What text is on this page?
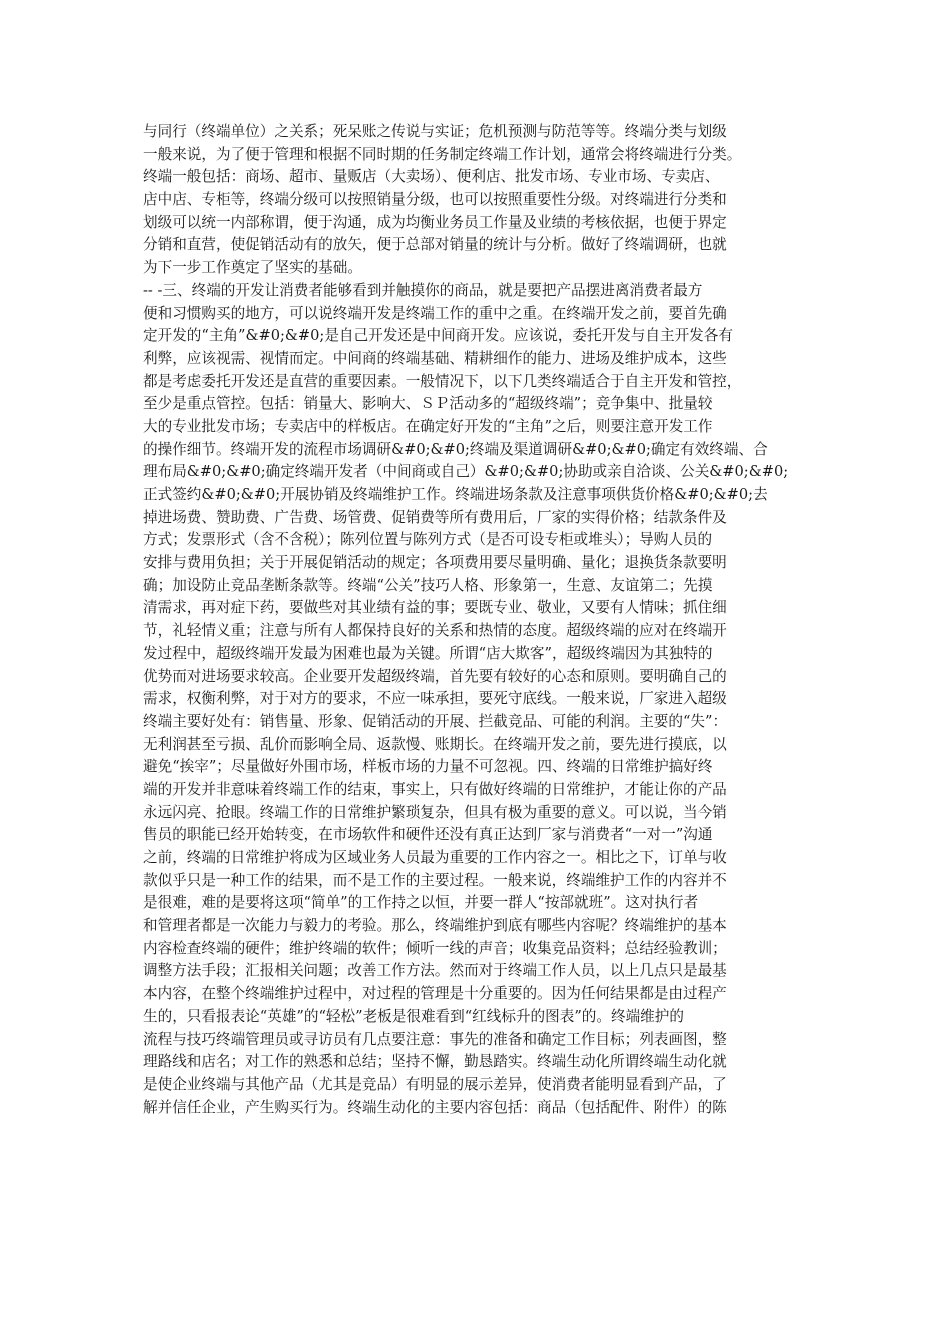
与同行（终端单位）之关系；死呆账之传说与实证；危机预测与防范等等。终端分类与划级
一般来说，为了便于管理和根据不同时期的任务制定终端工作计划，通常会将终端进行分类。
终端一般包括：商场、超市、量贩店（大卖场）、便利店、批发市场、专业市场、专卖店、
店中店、专柜等，终端分级可以按照销量分级，也可以按照重要性分级。对终端进行分类和
划级可以统一内部称谓，便于沟通，成为均衡业务员工作量及业绩的考核依据，也便于界定
分销和直营，使促销活动有的放矢，便于总部对销量的统计与分析。做好了终端调研，也就
为下一步工作奠定了坚实的基础。
-- -三、终端的开发让消费者能够看到并触摸你的商品，就是要把产品摆进离消费者最方
便和习惯购买的地方，可以说终端开发是终端工作的重中之重。在终端开发之前，要首先确
定开发的“主角”&#0;&#0;是自己开发还是中间商开发。应该说，委托开发与自主开发各有
利弊，应该视需、视情而定。中间商的终端基础、精耕细作的能力、进场及维护成本，这些
都是考虑委托开发还是直营的重要因素。一般情况下，以下几类终端适合于自主开发和管控，
至少是重点管控。包括：销量大、影响大、ＳＰ活动多的“超级终端”；竞争集中、批量较
大的专业批发市场；专卖店中的样板店。在确定好开发的“主角”之后，则要注意开发工作
的操作细节。终端开发的流程市场调研&#0;&#0;终端及渠道调研&#0;&#0;确定有效终端、合
理布局&#0;&#0;确定终端开发者（中间商或自己）&#0;&#0;协助或亲自洽谈、公关&#0;&#0;
正式签约&#0;&#0;开展协销及终端维护工作。终端进场条款及注意事项供货价格&#0;&#0;去
掉进场费、赞助费、广告费、场管费、促销费等所有费用后，厂家的实得价格；结款条件及
方式；发票形式（含不含税）；陈列位置与陈列方式（是否可设专柜或堆头）；导购人员的
安排与费用负担；关于开展促销活动的规定；各项费用要尽量明确、量化；退换货条款要明
确；加设防止竞品垄断条款等。终端“公关”技巧人格、形象第一，生意、友谊第二；先摸
清需求，再对症下药，要做些对其业绩有益的事；要既专业、敬业，又要有人情味；抓住细
节，礼轻情义重；注意与所有人都保持良好的关系和热情的态度。超级终端的应对在终端开
发过程中，超级终端开发最为困难也最为关键。所谓“店大欺客”，超级终端因为其独特的
优势而对进场要求较高。企业要开发超级终端，首先要有较好的心态和原则。要明确自己的
需求，权衡利弊，对于对方的要求，不应一味承担，要死守底线。一般来说，厂家进入超级
终端主要好处有：销售量、形象、促销活动的开展、拦截竞品、可能的利润。主要的“失”：
无利润甚至亏损、乱价而影响全局、返款慢、账期长。在终端开发之前，要先进行摸底，以
避免“挨宰”；尽量做好外围市场，样板市场的力量不可忽视。四、终端的日常维护搞好终
端的开发并非意味着终端工作的结束，事实上，只有做好终端的日常维护，才能让你的产品
永远闪亮、抢眼。终端工作的日常维护繁琐复杂，但具有极为重要的意义。可以说，当今销
售员的职能已经开始转变，在市场软件和硬件还没有真正达到厂家与消费者“一对一”沟通
之前，终端的日常维护将成为区域业务人员最为重要的工作内容之一。相比之下，订单与收
款似乎只是一种工作的结果，而不是工作的主要过程。一般来说，终端维护工作的内容并不
是很难，难的是要将这项“简单”的工作持之以恒，并要一群人“按部就班”。这对执行者
和管理者都是一次能力与毅力的考验。那么，终端维护到底有哪些内容呢？终端维护的基本
内容检查终端的硬件；维护终端的软件；倾听一线的声音；收集竞品资料；总结经验教训；
调整方法手段；汇报相关问题；改善工作方法。然而对于终端工作人员，以上几点只是最基
本内容，在整个终端维护过程中，对过程的管理是十分重要的。因为任何结果都是由过程产
生的，只看报表论“英雄”的“轻松”老板是很难看到“红线标升的图表”的。终端维护的
流程与技巧终端管理员或寻访员有几点要注意：事先的准备和确定工作目标；列表画图，整
理路线和店名；对工作的熟悉和总结；坚持不懈，勤恳踏实。终端生动化所谓终端生动化就
是使企业终端与其他产品（尤其是竞品）有明显的展示差异，使消费者能明显看到产品，了
解并信任企业，产生购买行为。终端生动化的主要内容包括：商品（包括配件、附件）的陈
